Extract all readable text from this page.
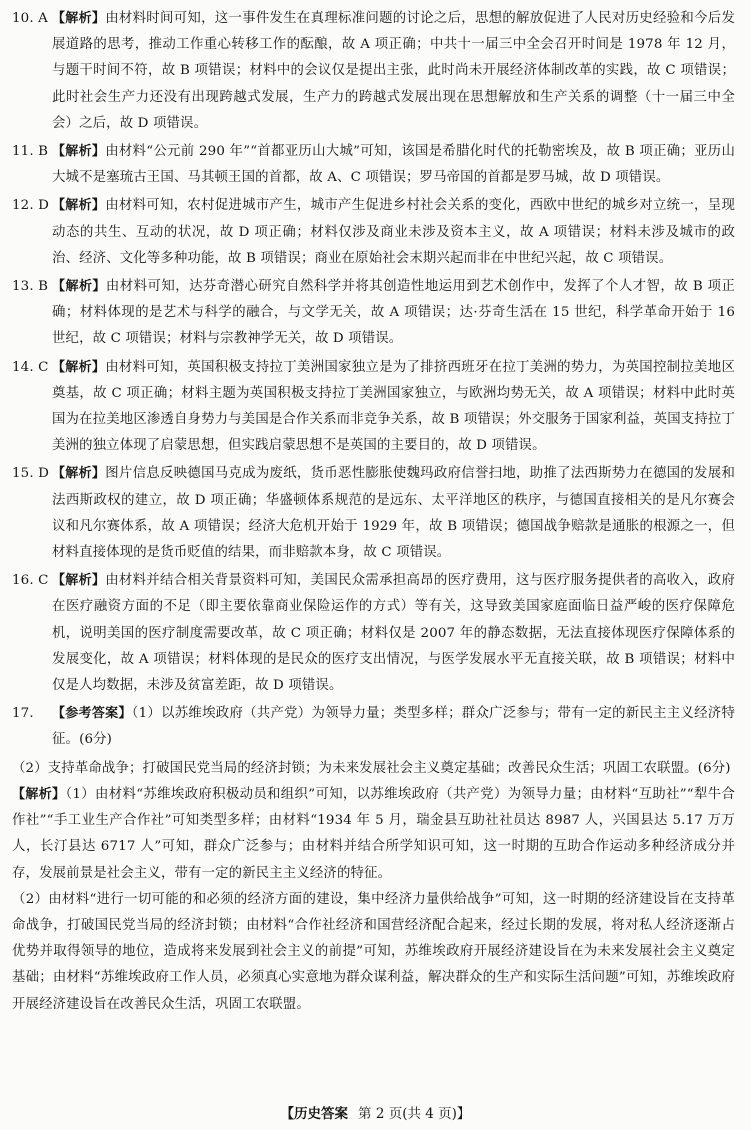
10. A 【解析】由材料时间可知，这一事件发生在真理标准问题的讨论之后，思想的解放促进了人民对历史经验和今后发展道路的思考，推动工作重心转移工作的酝酿，故 A 项正确；中共十一届三中全会召开时间是 1978 年 12 月，与题干时间不符，故 B 项错误；材料中的会议仅是提出主张，此时尚未开展经济体制改革的实践，故 C 项错误；此时社会生产力还没有出现跨越式发展，生产力的跨越式发展出现在思想解放和生产关系的调整（十一届三中全会）之后，故 D 项错误。
11. B 【解析】由材料“公元前 290 年”“首都亚历山大城”可知，该国是希腊化时代的托勒密埃及，故 B 项正确；亚历山大城不是塞琉古王国、马其顿王国的首都，故 A、C 项错误；罗马帝国的首都是罗马城，故 D 项错误。
12. D 【解析】由材料可知，农村促进城市产生，城市产生促进乡村社会关系的变化，西欧中世纪的城乡对立统一，呈现动态的共生、互动的状况，故 D 项正确；材料仅涉及商业未涉及资本主义，故 A 项错误；材料未涉及城市的政治、经济、文化等多种功能，故 B 项错误；商业在原始社会末期兴起而非在中世纪兴起，故 C 项错误。
13. B 【解析】由材料可知，达芬奇潜心研究自然科学并将其创造性地运用到艺术创作中，发挥了个人才智，故 B 项正确；材料体现的是艺术与科学的融合，与文学无关，故 A 项错误；达·芬奇生活在 15 世纪，科学革命开始于 16 世纪，故 C 项错误；材料与宗教神学无关，故 D 项错误。
14. C 【解析】由材料可知，英国积极支持拉丁美洲国家独立是为了排挤西班牙在拉丁美洲的势力，为英国控制拉美地区奠基，故 C 项正确；材料主题为英国积极支持拉丁美洲国家独立，与欧洲均势无关，故 A 项错误；材料中此时英国为在拉美地区渗透自身势力与美国是合作关系而非竞争关系，故 B 项错误；外交服务于国家利益，英国支持拉丁美洲的独立体现了启蒙思想，但实践启蒙思想不是英国的主要目的，故 D 项错误。
15. D 【解析】图片信息反映德国马克成为废纸，货币恶性膨胀使魏玛政府信誉扫地，助推了法西斯势力在德国的发展和法西斯政权的建立，故 D 项正确；华盛顿体系规范的是远东、太平洋地区的秩序，与德国直接相关的是凡尔赛会议和凡尔赛体系，故 A 项错误；经济大危机开始于 1929 年，故 B 项错误；德国战争赔款是通胀的根源之一，但材料直接体现的是货币贬值的结果，而非赔款本身，故 C 项错误。
16. C 【解析】由材料并结合相关背景资料可知，美国民众需承担高昂的医疗费用，这与医疗服务提供者的高收入，政府在医疗融资方面的不足（即主要依靠商业保险运作的方式）等有关，这导致美国家庭面临日益严峻的医疗保障危机，说明美国的医疗制度需要改革，故 C 项正确；材料仅是 2007 年的静态数据，无法直接体现医疗保障体系的发展变化，故 A 项错误；材料体现的是民众的医疗支出情况，与医学发展水平无直接关联，故 B 项错误；材料中仅是人均数据，未涉及贫富差距，故 D 项错误。
17.	【参考答案】（1）以苏维埃政府（共产党）为领导力量；类型多样；群众广泛参与；带有一定的新民主主义经济特征。(6分)
（2）支持革命战争；打破国民党当局的经济封锁；为未来发展社会主义奠定基础；改善民众生活；巩固工农联盟。(6分)
【解析】（1）由材料“苏维埃政府积极动员和组织”可知，以苏维埃政府（共产党）为领导力量；由材料“互助社”“犁牛合作社”“手工业生产合作社”可知类型多样；由材料“1934 年 5 月，瑞金县互助社社员达 8987 人，兴国县达 5.17 万万人，长汀县达 6717 人”可知，群众广泛参与；由材料并结合所学知识可知，这一时期的互助合作运动多种经济成分并存，发展前景是社会主义，带有一定的新民主主义经济的特征。
（2）由材料“进行一切可能的和必须的经济方面的建设，集中经济力量供给战争”可知，这一时期的经济建设旨在支持革命战争，打破国民党当局的经济封锁；由材料“合作社经济和国营经济配合起来，经过长期的发展，将对私人经济逐渐占优势并取得领导的地位，造成将来发展到社会主义的前提”可知，苏维埃政府开展经济建设旨在为未来发展社会主义奠定基础；由材料“苏维埃政府工作人员，必须真心实意地为群众谋利益，解决群众的生产和实际生活问题”可知，苏维埃政府开展经济建设旨在改善民众生活，巩固工农联盟。
【历史答案 第 2 页(共 4 页)】
